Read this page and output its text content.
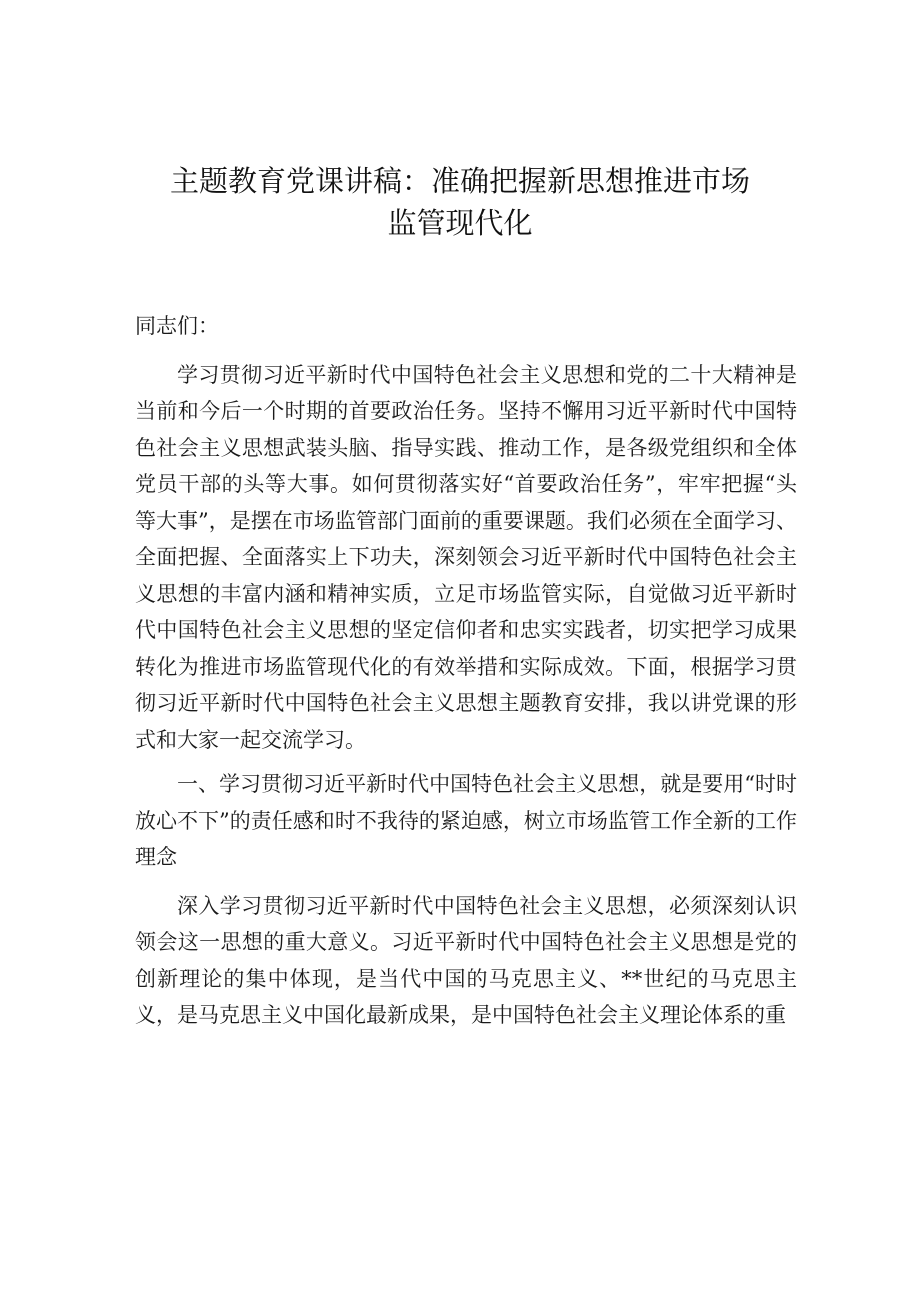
主题教育党课讲稿：准确把握新思想推进市场
监管现代化

同志们：

学习贯彻习近平新时代中国特色社会主义思想和党的二十大精神是当前和今后一个时期的首要政治任务。坚持不懈用习近平新时代中国特色社会主义思想武装头脑、指导实践、推动工作，是各级党组织和全体党员干部的头等大事。如何贯彻落实好“首要政治任务”，牢牢把握“头等大事”，是摆在市场监管部门面前的重要课题。我们必须在全面学习、全面把握、全面落实上下功夫，深刻领会习近平新时代中国特色社会主义思想的丰富内涵和精神实质，立足市场监管实际，自觉做习近平新时代中国特色社会主义思想的坚定信仰者和忠实实践者，切实把学习成果转化为推进市场监管现代化的有效举措和实际成效。下面，根据学习贯彻习近平新时代中国特色社会主义思想主题教育安排，我以讲党课的形式和大家一起交流学习。

一、学习贯彻习近平新时代中国特色社会主义思想，就是要用“时时放心不下”的责任感和时不我待的紧迫感，树立市场监管工作全新的工作理念

深入学习贯彻习近平新时代中国特色社会主义思想，必须深刻认识领会这一思想的重大意义。习近平新时代中国特色社会主义思想是党的创新理论的集中体现，是当代中国的马克思主义、**世纪的马克思主义，是马克思主义中国化最新成果，是中国特色社会主义理论体系的重
